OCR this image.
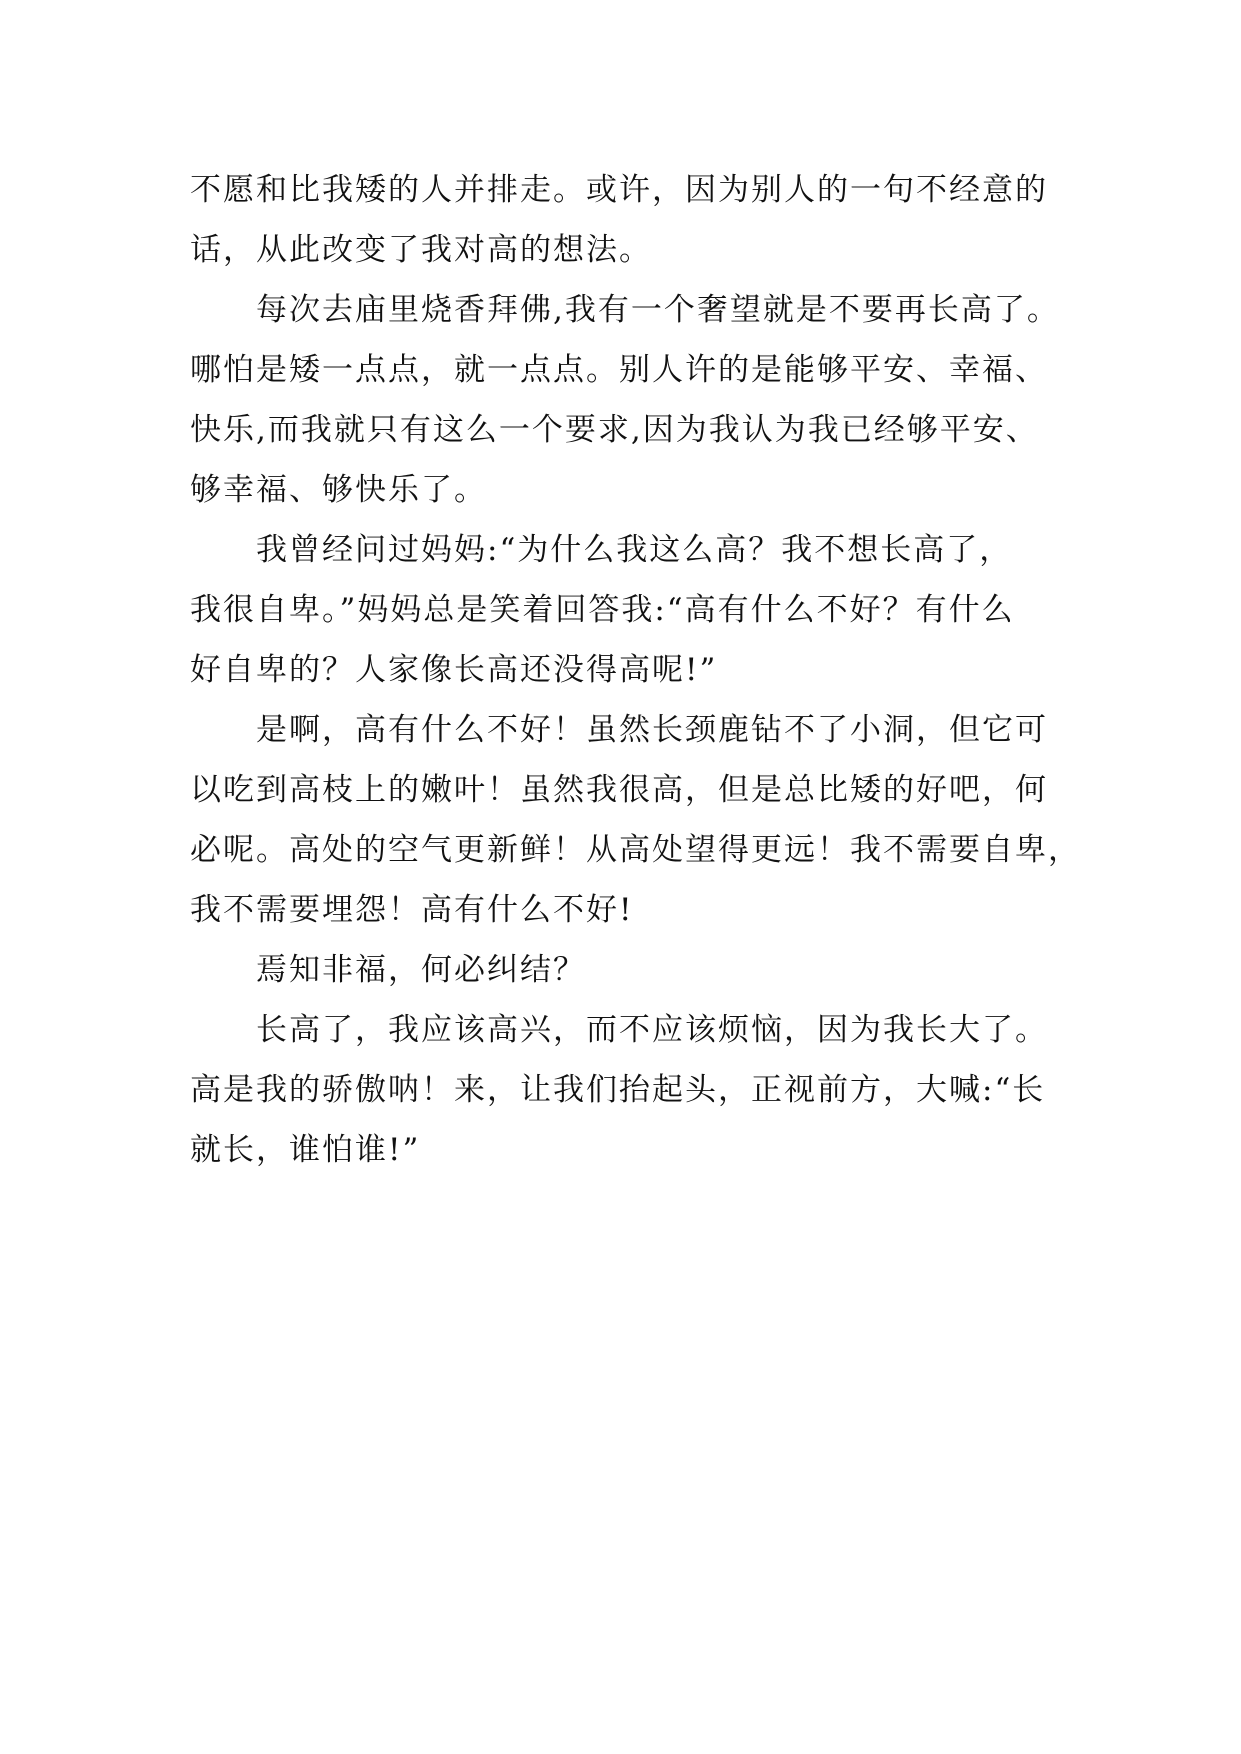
不愿和比我矮的人并排走。或许，因为别人的一句不经意的
话，从此改变了我对高的想法。
每次去庙里烧香拜佛,我有一个奢望就是不要再长高了。
哪怕是矮一点点，就一点点。别人许的是能够平安、幸福、
快乐,而我就只有这么一个要求,因为我认为我已经够平安、
够幸福、够快乐了。
我曾经问过妈妈:“为什么我这么高？我不想长高了，
我很自卑。”妈妈总是笑着回答我:“高有什么不好？有什么
好自卑的？人家像长高还没得高呢!”
是啊，高有什么不好！虽然长颈鹿钻不了小洞，但它可
以吃到高枝上的嫩叶！虽然我很高，但是总比矮的好吧，何
必呢。高处的空气更新鲜！从高处望得更远！我不需要自卑，
我不需要埋怨！高有什么不好!
焉知非福，何必纠结？
长高了，我应该高兴，而不应该烦恼，因为我长大了。
高是我的骄傲呐！来，让我们抬起头，正视前方，大喊:“长
就长，谁怕谁!”
